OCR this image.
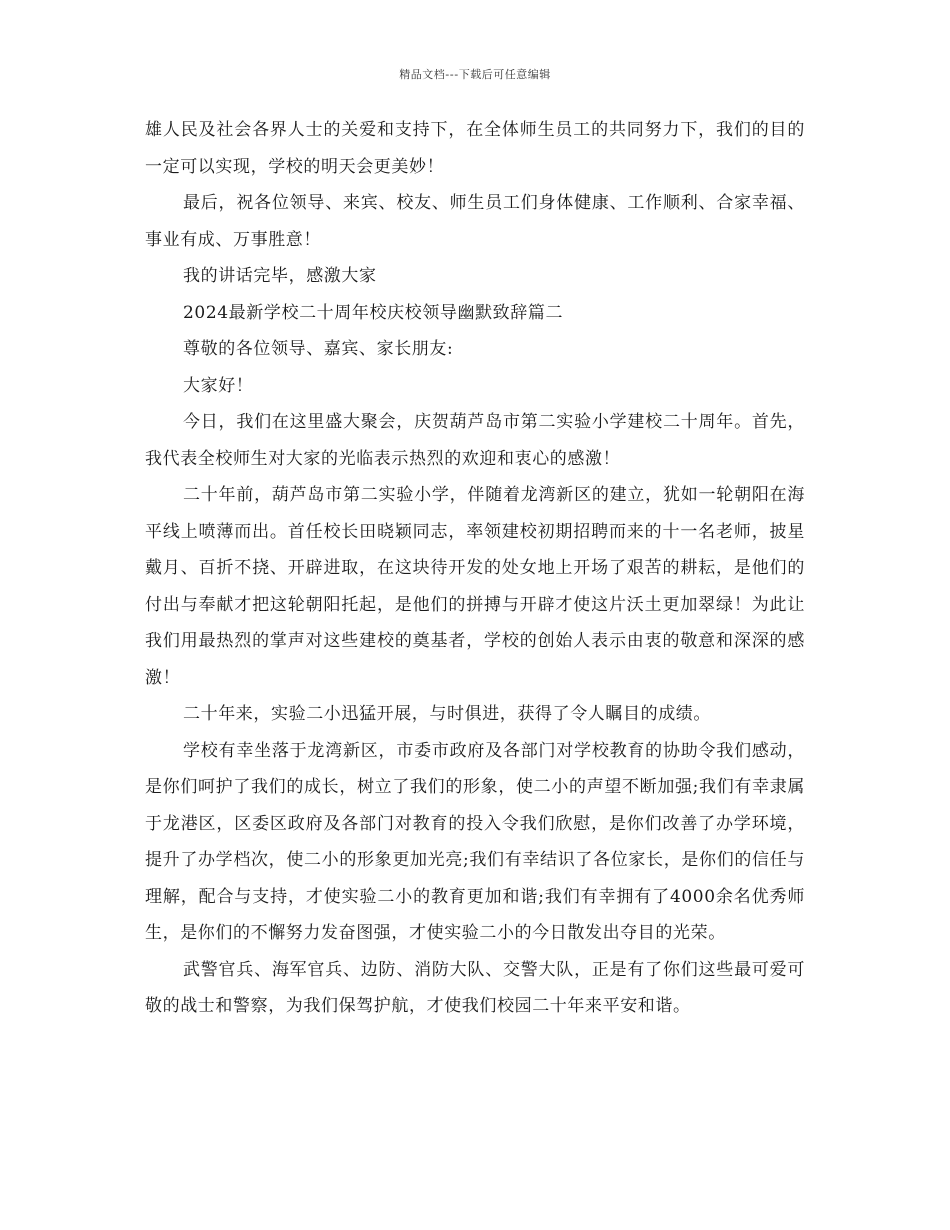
精品文档---下载后可任意编辑

雄人民及社会各界人士的关爱和支持下，在全体师生员工的共同努力下，我们的目的一定可以实现，学校的明天会更美妙！

最后，祝各位领导、来宾、校友、师生员工们身体健康、工作顺利、合家幸福、事业有成、万事胜意！

我的讲话完毕，感激大家

2024最新学校二十周年校庆校领导幽默致辞篇二

尊敬的各位领导、嘉宾、家长朋友:

大家好！

今日，我们在这里盛大聚会，庆贺葫芦岛市第二实验小学建校二十周年。首先，我代表全校师生对大家的光临表示热烈的欢迎和衷心的感激！

二十年前，葫芦岛市第二实验小学，伴随着龙湾新区的建立，犹如一轮朝阳在海平线上喷薄而出。首任校长田晓颖同志，率领建校初期招聘而来的十一名老师，披星戴月、百折不挠、开辟进取，在这块待开发的处女地上开场了艰苦的耕耘，是他们的付出与奉献才把这轮朝阳托起，是他们的拼搏与开辟才使这片沃土更加翠绿！为此让我们用最热烈的掌声对这些建校的奠基者，学校的创始人表示由衷的敬意和深深的感激！

二十年来，实验二小迅猛开展，与时俱进，获得了令人瞩目的成绩。

学校有幸坐落于龙湾新区，市委市政府及各部门对学校教育的协助令我们感动，是你们呵护了我们的成长，树立了我们的形象，使二小的声望不断加强;我们有幸隶属于龙港区，区委区政府及各部门对教育的投入令我们欣慰，是你们改善了办学环境，提升了办学档次，使二小的形象更加光亮;我们有幸结识了各位家长，是你们的信任与理解，配合与支持，才使实验二小的教育更加和谐;我们有幸拥有了4000余名优秀师生，是你们的不懈努力发奋图强，才使实验二小的今日散发出夺目的光荣。

武警官兵、海军官兵、边防、消防大队、交警大队，正是有了你们这些最可爱可敬的战士和警察，为我们保驾护航，才使我们校园二十年来平安和谐。
